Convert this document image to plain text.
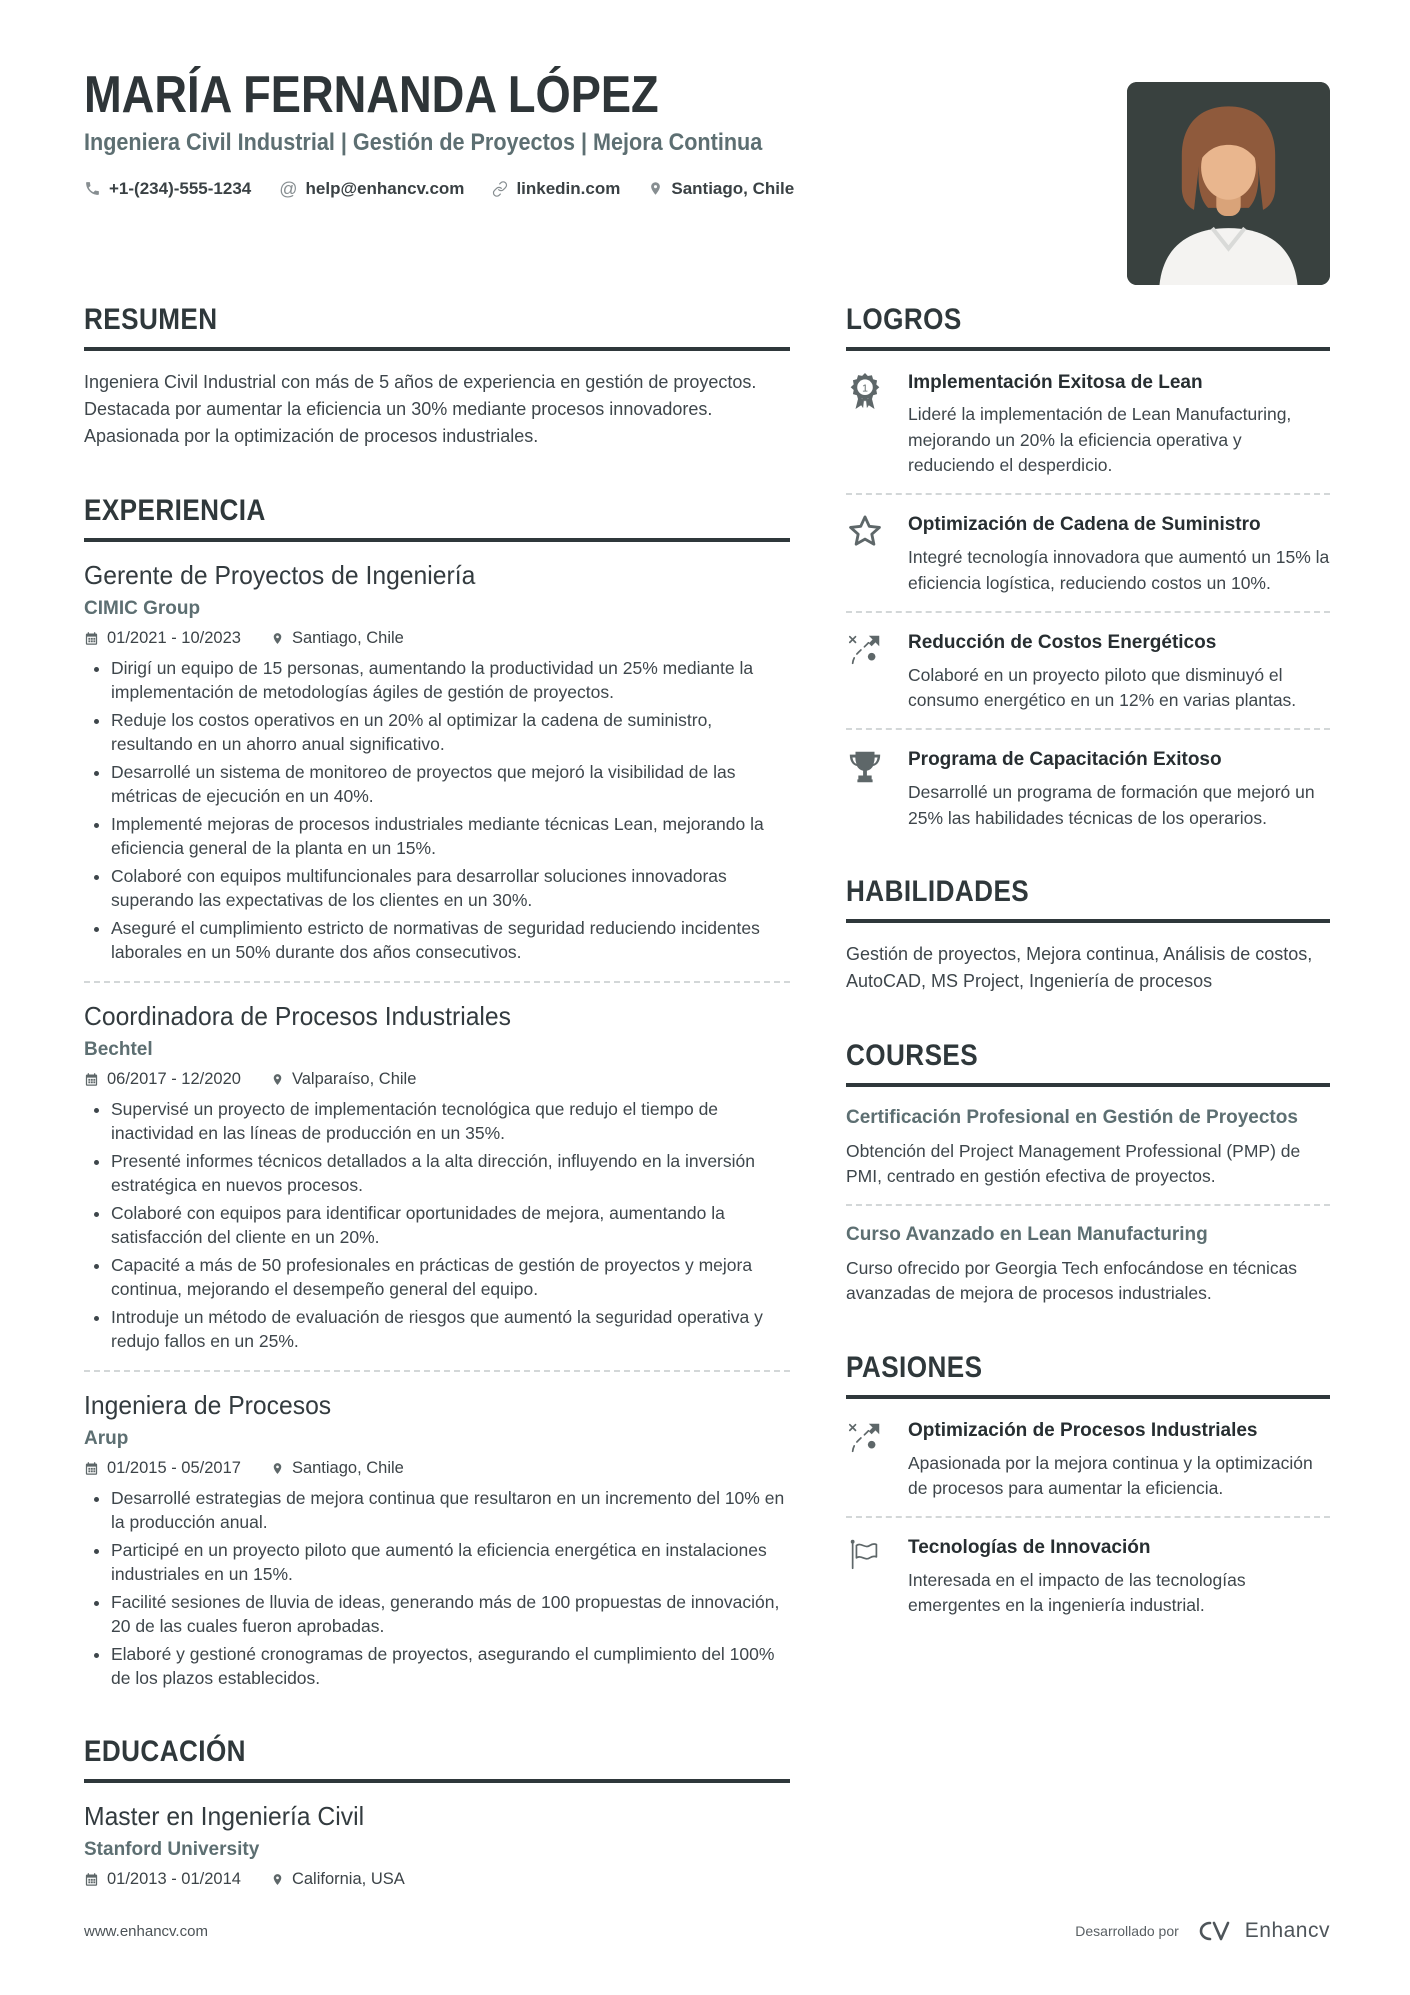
MARÍA FERNANDA LÓPEZ
Ingeniera Civil Industrial | Gestión de Proyectos | Mejora Continua
+1-(234)-555-1234 @ help@enhancv.com	linkedin.com	Santiago, Chile
RESUMEN

Ingeniera Civil Industrial con más de 5 años de experiencia en gestión de proyectos. Destacada por aumentar la eficiencia un 30% mediante procesos innovadores. Apasionada por la optimización de procesos industriales.

EXPERIENCIA
Gerente de Proyectos de Ingeniería
CIMIC Group
01/2021 - 10/2023	Santiago, Chile
• Dirigí un equipo de 15 personas, aumentando la productividad un 25% mediante la implementación de metodologías ágiles de gestión de proyectos.
• Reduje los costos operativos en un 20% al optimizar la cadena de suministro, resultando en un ahorro anual significativo.
• Desarrollé un sistema de monitoreo de proyectos que mejoró la visibilidad de las métricas de ejecución en un 40%.
• Implementé mejoras de procesos industriales mediante técnicas Lean, mejorando la eficiencia general de la planta en un 15%.
• Colaboré con equipos multifuncionales para desarrollar soluciones innovadoras superando las expectativas de los clientes en un 30%.
• Aseguré el cumplimiento estricto de normativas de seguridad reduciendo incidentes laborales en un 50% durante dos años consecutivos.
Coordinadora de Procesos Industriales
Bechtel
06/2017 - 12/2020	Valparaíso, Chile
• Supervisé un proyecto de implementación tecnológica que redujo el tiempo de inactividad en las líneas de producción en un 35%.
• Presenté informes técnicos detallados a la alta dirección, influyendo en la inversión estratégica en nuevos procesos.
• Colaboré con equipos para identificar oportunidades de mejora, aumentando la satisfacción del cliente en un 20%.
• Capacité a más de 50 profesionales en prácticas de gestión de proyectos y mejora continua, mejorando el desempeño general del equipo.
• Introduje un método de evaluación de riesgos que aumentó la seguridad operativa y redujo fallos en un 25%.
Ingeniera de Procesos
Arup
01/2015 - 05/2017	Santiago, Chile
• Desarrollé estrategias de mejora continua que resultaron en un incremento del 10% en la producción anual.
• Participé en un proyecto piloto que aumentó la eficiencia energética en instalaciones industriales en un 15%.
• Facilité sesiones de lluvia de ideas, generando más de 100 propuestas de innovación, 20 de las cuales fueron aprobadas.
• Elaboré y gestioné cronogramas de proyectos, asegurando el cumplimiento del 100% de los plazos establecidos.
EDUCACIÓN
Master en Ingeniería Civil
Stanford University
01/2013 - 01/2014	California, USA
LOGROS
1 Implementación Exitosa de Lean

Lideré la implementación de Lean Manufacturing, mejorando un 20% la eficiencia operativa y reduciendo el desperdicio.

Optimización de Cadena de Suministro

Integré tecnología innovadora que aumentó un 15% la eficiencia logística, reduciendo costos un 10%.

Reducción de Costos Energéticos

Colaboré en un proyecto piloto que disminuyó el consumo energético en un 12% en varias plantas.

Programa de Capacitación Exitoso

Desarrollé un programa de formación que mejoró un 25% las habilidades técnicas de los operarios.

HABILIDADES

Gestión de proyectos, Mejora continua, Análisis de costos, AutoCAD, MS Project, Ingeniería de procesos

COURSES
Certificación Profesional en Gestión de Proyectos

Obtención del Project Management Professional (PMP) de PMI, centrado en gestión efectiva de proyectos.

Curso Avanzado en Lean Manufacturing

Curso ofrecido por Georgia Tech enfocándose en técnicas avanzadas de mejora de procesos industriales.

PASIONES
Optimización de Procesos Industriales

Apasionada por la mejora continua y la optimización de procesos para aumentar la eficiencia.

Tecnologías de Innovación

Interesada en el impacto de las tecnologías emergentes en la ingeniería industrial.

www.enhancv.com	Desarrollado por	Enhancv
